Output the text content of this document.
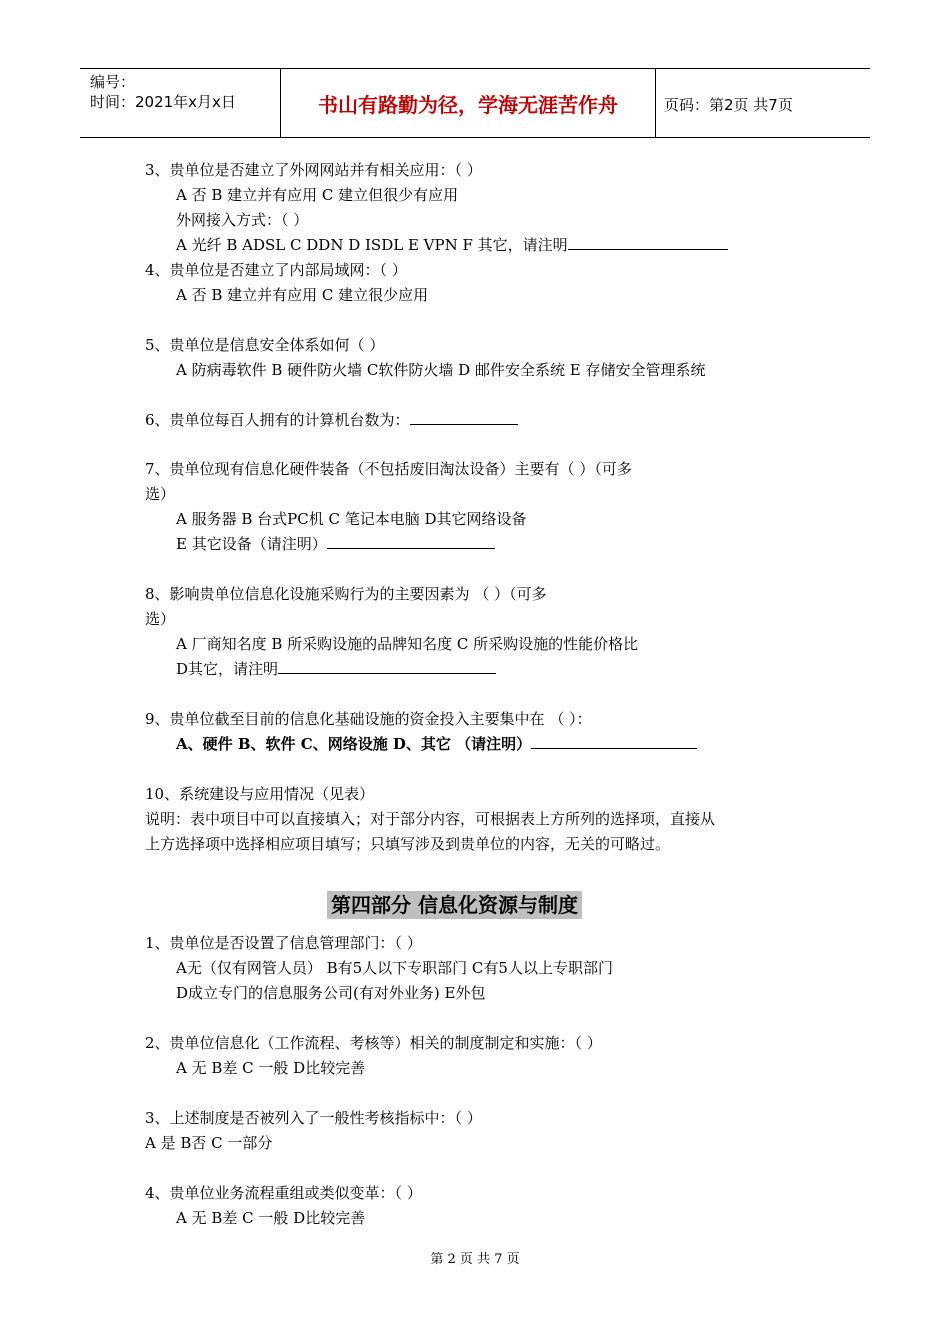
编号：
时间：2021年x月x日	书山有路勤为径，学海无涯苦作舟	页码：第2页 共7页
3、贵单位是否建立了外网网站并有相关应用：（ ）
A 否 B 建立并有应用 C 建立但很少有应用
外网接入方式：（ ）
A 光纤 B ADSL C DDN D ISDL E VPN F 其它，请注明
4、贵单位是否建立了内部局域网：（ ）
A 否 B 建立并有应用 C 建立很少应用
5、贵单位是信息安全体系如何（ ）
A 防病毒软件 B 硬件防火墙 C软件防火墙 D 邮件安全系统 E 存储安全管理系统
6、贵单位每百人拥有的计算机台数为：
7、贵单位现有信息化硬件装备（不包括废旧淘汰设备）主要有（ ）（可多
选）
A 服务器 B 台式PC机 C 笔记本电脑 D其它网络设备
E 其它设备（请注明）
8、影响贵单位信息化设施采购行为的主要因素为 （ ）（可多
选）
A 厂商知名度 B 所采购设施的品牌知名度 C 所采购设施的性能价格比
D其它，请注明
9、贵单位截至目前的信息化基础设施的资金投入主要集中在 （ ）：
A、硬件 B、软件 C、网络设施 D、其它 （请注明）
10、系统建设与应用情况（见表）
说明：表中项目中可以直接填入；对于部分内容，可根据表上方所列的选择项，直接从
上方选择项中选择相应项目填写；只填写涉及到贵单位的内容，无关的可略过。
第四部分 信息化资源与制度
1、贵单位是否设置了信息管理部门：（ ）
A无（仅有网管人员） B有5人以下专职部门 C有5人以上专职部门
D成立专门的信息服务公司(有对外业务) E外包
2、贵单位信息化（工作流程、考核等）相关的制度制定和实施：（ ）
A 无 B差 C 一般 D比较完善
3、上述制度是否被列入了一般性考核指标中：（ ）
A 是 B否 C 一部分
4、贵单位业务流程重组或类似变革：（ ）
A 无 B差 C 一般 D比较完善
第 2 页 共 7 页
